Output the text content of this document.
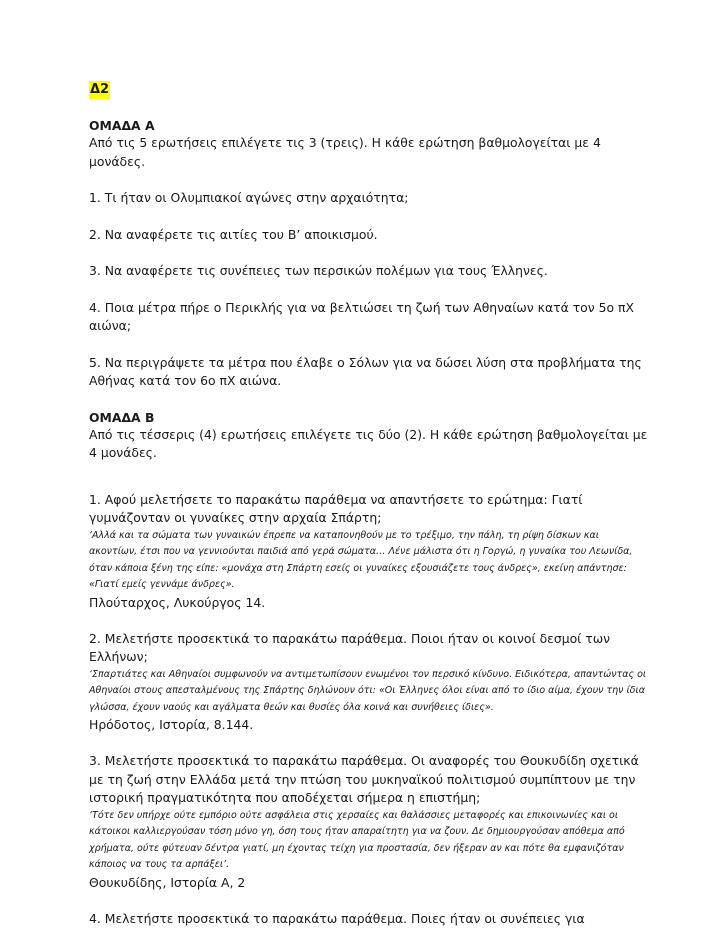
Δ2

ΟΜΑΔΑ Α

Από τις 5 ερωτήσεις επιλέγετε τις 3 (τρεις). Η κάθε ερώτηση βαθμολογείται με 4 μονάδες.

1. Τι ήταν οι Ολυμπιακοί αγώνες στην αρχαιότητα;

2. Να αναφέρετε τις αιτίες του Β’ αποικισμού.

3. Να αναφέρετε τις συνέπειες των περσικών πολέμων για τους Έλληνες.

4. Ποια μέτρα πήρε ο Περικλής για να βελτιώσει τη ζωή των Αθηναίων κατά τον 5ο πΧ αιώνα;

5. Να περιγράψετε τα μέτρα που έλαβε ο Σόλων για να δώσει λύση στα προβλήματα της Αθήνας κατά τον 6ο πΧ αιώνα.

ΟΜΑΔΑ Β

Από τις τέσσερις (4) ερωτήσεις επιλέγετε τις δύο (2). Η κάθε ερώτηση βαθμολογείται με 4 μονάδες.

1. Αφού μελετήσετε το παρακάτω παράθεμα να απαντήσετε το ερώτημα: Γιατί γυμνάζονταν οι γυναίκες στην αρχαία Σπάρτη;

‘Αλλά και τα σώματα των γυναικών έπρεπε να καταπονηθούν με το τρέξιμο, την πάλη, τη ρίψη δίσκων και ακοντίων, έτσι που να γεννιούνται παιδιά από γερά σώματα… Λένε μάλιστα ότι η Γοργώ, η γυναίκα του Λεωνίδα, όταν κάποια ξένη της είπε: «μονάχα στη Σπάρτη εσείς οι γυναίκες εξουσιάζετε τους άνδρες», εκείνη απάντησε: «Γιατί εμείς γεννάμε άνδρες».

Πλούταρχος, Λυκούργος 14.

2. Μελετήστε προσεκτικά το παρακάτω παράθεμα. Ποιοι ήταν οι κοινοί δεσμοί των Ελλήνων;

‘Σπαρτιάτες και Αθηναίοι συμφωνούν να αντιμετωπίσουν ενωμένοι τον περσικό κίνδυνο. Ειδικότερα, απαντώντας οι Αθηναίοι στους απεσταλμένους της Σπάρτης δηλώνουν ότι: «Οι Έλληνες όλοι είναι από το ίδιο αίμα, έχουν την ίδια γλώσσα, έχουν ναούς και αγάλματα θεών και θυσίες όλα κοινά και συνήθειες ίδιες».

Ηρόδοτος, Ιστορία, 8.144.

3. Μελετήστε προσεκτικά το παρακάτω παράθεμα. Οι αναφορές του Θουκυδίδη σχετικά με τη ζωή στην Ελλάδα μετά την πτώση του μυκηναϊκού πολιτισμού συμπίπτουν με την ιστορική πραγματικότητα που αποδέχεται σήμερα η επιστήμη;

‘Τότε δεν υπήρχε ούτε εμπόριο ούτε ασφάλεια στις χερσαίες και θαλάσσιες μεταφορές και επικοινωνίες και οι κάτοικοι καλλιεργούσαν τόση μόνο γη, όση τους ήταν απαραίτητη για να ζουν. Δε δημιουργούσαν απόθεμα από χρήματα, ούτε φύτευαν δέντρα γιατί, μη έχοντας τείχη για προστασία, δεν ήξεραν αν και πότε θα εμφανιζόταν κάποιος να τους τα αρπάξει’.

Θουκυδίδης, Ιστορία Α, 2

4. Μελετήστε προσεκτικά το παρακάτω παράθεμα. Ποιες ήταν οι συνέπειες για
